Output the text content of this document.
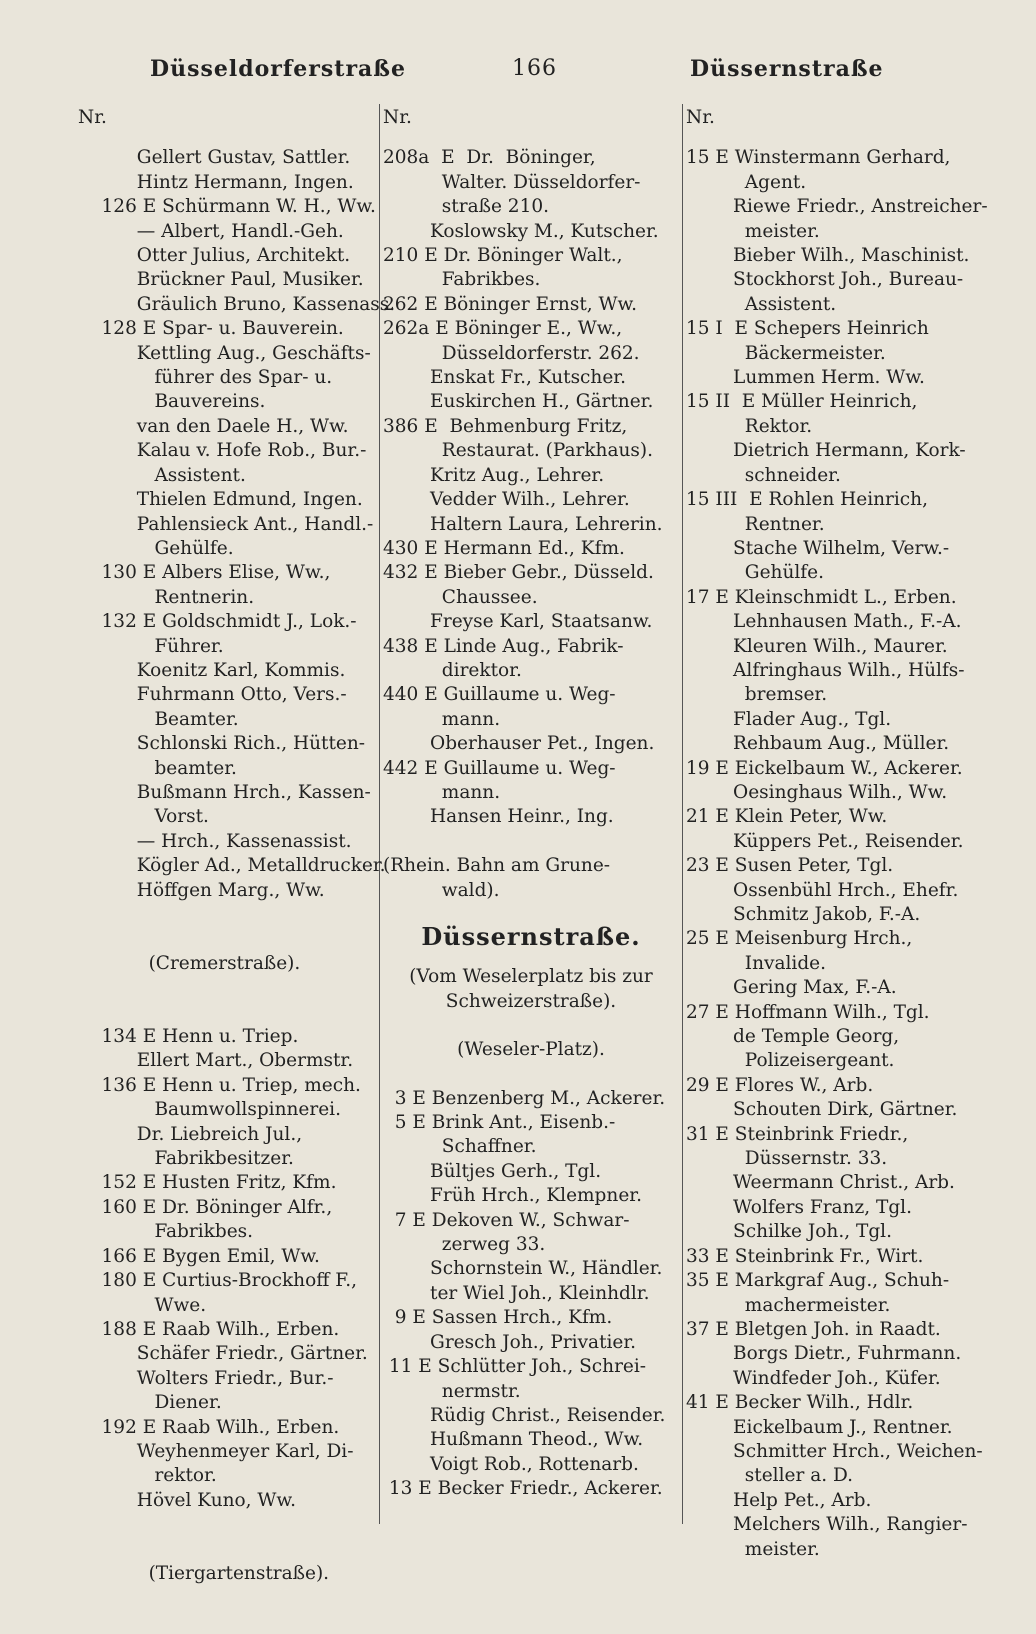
Düsseldorferstraße	166	Düssernstraße
Nr.
Gellert Gustav, Sattler.
Hintz Hermann, Ingen.
126 E Schürmann W. H., Ww.
— Albert, Handl.-Geh.
Otter Julius, Architekt.
Brückner Paul, Musiker.
Gräulich Bruno, Kassenass.
128 E Spar- u. Bauverein.
Kettling Aug., Geschäfts-
führer des Spar- u.
Bauvereins.
van den Daele H., Ww.
Kalau v. Hofe Rob., Bur.-
Assistent.
Thielen Edmund, Ingen.
Pahlensieck Ant., Handl.-
Gehülfe.
130 E Albers Elise, Ww.,
Rentnerin.
132 E Goldschmidt J., Lok.-
Führer.
Koenitz Karl, Kommis.
Fuhrmann Otto, Vers.-
Beamter.
Schlonski Rich., Hütten-
beamter.
Bußmann Hrch., Kassen-
Vorst.
— Hrch., Kassenassist.
Kögler Ad., Metalldrucker.
Höffgen Marg., Ww.

(Cremerstraße).

134 E Henn u. Triep.
Ellert Mart., Obermstr.
136 E Henn u. Triep, mech.
Baumwollspinnerei.
Dr. Liebreich Jul.,
Fabrikbesitzer.
152 E Husten Fritz, Kfm.
160 E Dr. Böninger Alfr.,
Fabrikbes.
166 E Bygen Emil, Ww.
180 E Curtius-Brockhoff F.,
Wwe.
188 E Raab Wilh., Erben.
Schäfer Friedr., Gärtner.
Wolters Friedr., Bur.-
Diener.
192 E Raab Wilh., Erben.
Weyhenmeyer Karl, Di-
rektor.
Hövel Kuno, Ww.

(Tiergartenstraße).
Nr.
208a  E  Dr.  Böninger,
Walter. Düsseldorfer-
straße 210.
Koslowsky M., Kutscher.
210 E Dr. Böninger Walt.,
Fabrikbes.
262 E Böninger Ernst, Ww.
262a E Böninger E., Ww.,
Düsseldorferstr. 262.
Enskat Fr., Kutscher.
Euskirchen H., Gärtner.
386 E  Behmenburg Fritz,
Restaurat. (Parkhaus).
Kritz Aug., Lehrer.
Vedder Wilh., Lehrer.
Haltern Laura, Lehrerin.
430 E Hermann Ed., Kfm.
432 E Bieber Gebr., Düsseld.
Chaussee.
Freyse Karl, Staatsanw.
438 E Linde Aug., Fabrik-
direktor.
440 E Guillaume u. Weg-
mann.
Oberhauser Pet., Ingen.
442 E Guillaume u. Weg-
mann.
Hansen Heinr., Ing.

(Rhein. Bahn am Grune-
wald).
Düssernstraße.
(Vom Weselerplatz bis zur
Schweizerstraße).
(Weseler-Platz).
3 E Benzenberg M., Ackerer.
5 E Brink Ant., Eisenb.-
Schaffner.
Bültjes Gerh., Tgl.
Früh Hrch., Klempner.
7 E Dekoven W., Schwar-
zerweg 33.
Schornstein W., Händler.
ter Wiel Joh., Kleinhdlr.
9 E Sassen Hrch., Kfm.
Gresch Joh., Privatier.
11 E Schlütter Joh., Schrei-
nermstr.
Rüdig Christ., Reisender.
Hußmann Theod., Ww.
Voigt Rob., Rottenarb.
13 E Becker Friedr., Ackerer.
Nr.
15 E Winstermann Gerhard,
Agent.
Riewe Friedr., Anstreicher-
meister.
Bieber Wilh., Maschinist.
Stockhorst Joh., Bureau-
Assistent.
15 I  E Schepers Heinrich
Bäckermeister.
Lummen Herm. Ww.
15 II  E Müller Heinrich,
Rektor.
Dietrich Hermann, Kork-
schneider.
15 III  E Rohlen Heinrich,
Rentner.
Stache Wilhelm, Verw.-
Gehülfe.
17 E Kleinschmidt L., Erben.
Lehnhausen Math., F.-A.
Kleuren Wilh., Maurer.
Alfringhaus Wilh., Hülfs-
bremser.
Flader Aug., Tgl.
Rehbaum Aug., Müller.
19 E Eickelbaum W., Ackerer.
Oesinghaus Wilh., Ww.
21 E Klein Peter, Ww.
Küppers Pet., Reisender.
23 E Susen Peter, Tgl.
Ossenbühl Hrch., Ehefr.
Schmitz Jakob, F.-A.
25 E Meisenburg Hrch.,
Invalide.
Gering Max, F.-A.
27 E Hoffmann Wilh., Tgl.
de Temple Georg,
Polizeisergeant.
29 E Flores W., Arb.
Schouten Dirk, Gärtner.
31 E Steinbrink Friedr.,
Düssernstr. 33.
Weermann Christ., Arb.
Wolfers Franz, Tgl.
Schilke Joh., Tgl.
33 E Steinbrink Fr., Wirt.
35 E Markgraf Aug., Schuh-
machermeister.
37 E Bletgen Joh. in Raadt.
Borgs Dietr., Fuhrmann.
Windfeder Joh., Küfer.
41 E Becker Wilh., Hdlr.
Eickelbaum J., Rentner.
Schmitter Hrch., Weichen-
steller a. D.
Help Pet., Arb.
Melchers Wilh., Rangier-
meister.
